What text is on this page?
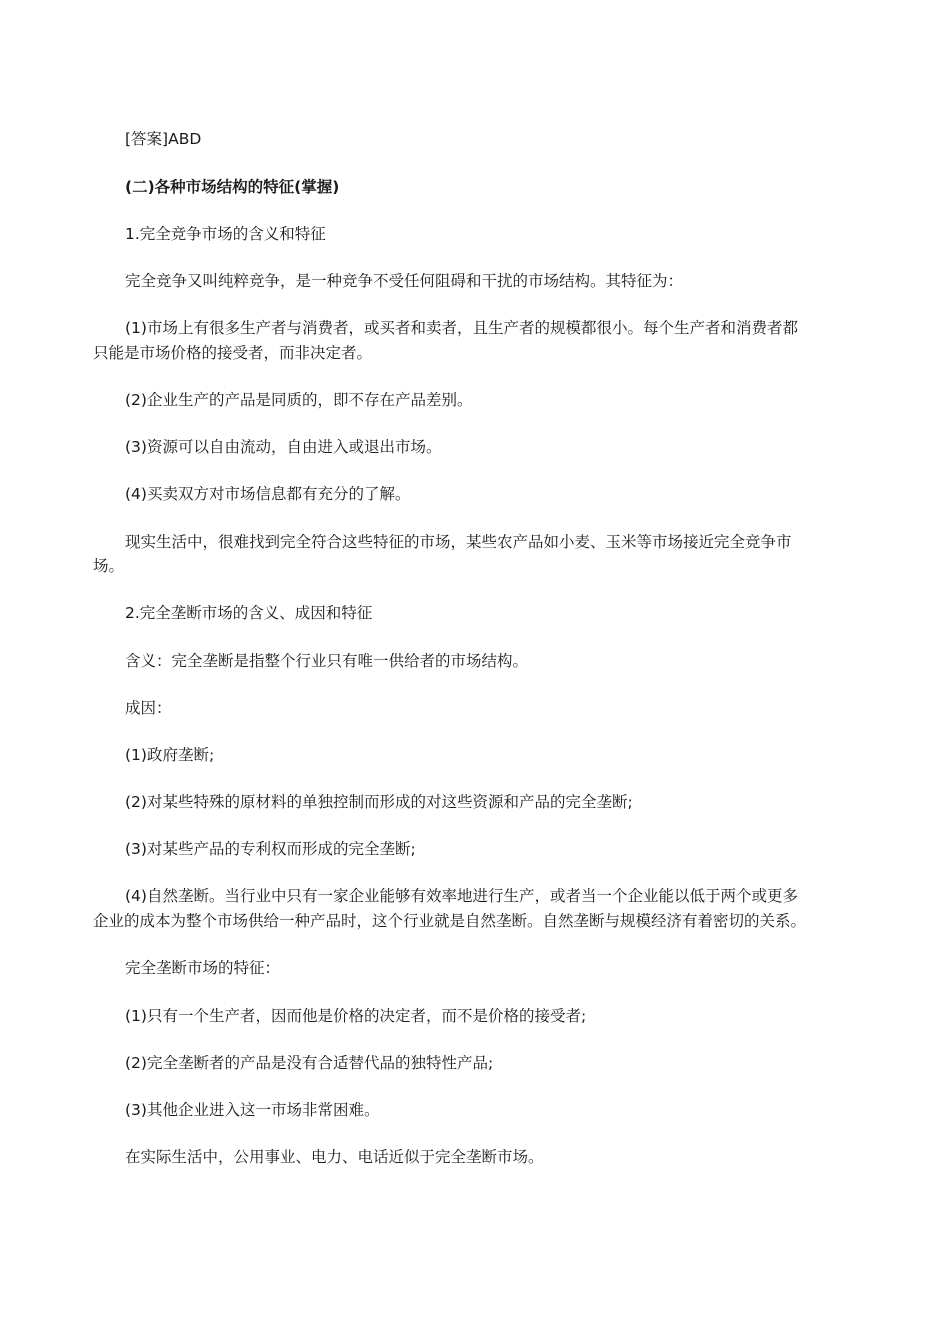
[答案]ABD
(二)各种市场结构的特征(掌握)
1.完全竞争市场的含义和特征
完全竞争又叫纯粹竞争，是一种竞争不受任何阻碍和干扰的市场结构。其特征为：
(1)市场上有很多生产者与消费者，或买者和卖者，且生产者的规模都很小。每个生产者和消费者都
只能是市场价格的接受者，而非决定者。
(2)企业生产的产品是同质的，即不存在产品差别。
(3)资源可以自由流动，自由进入或退出市场。
(4)买卖双方对市场信息都有充分的了解。
现实生活中，很难找到完全符合这些特征的市场，某些农产品如小麦、玉米等市场接近完全竞争市
场。
2.完全垄断市场的含义、成因和特征
含义：完全垄断是指整个行业只有唯一供给者的市场结构。
成因：
(1)政府垄断;
(2)对某些特殊的原材料的单独控制而形成的对这些资源和产品的完全垄断;
(3)对某些产品的专利权而形成的完全垄断;
(4)自然垄断。当行业中只有一家企业能够有效率地进行生产，或者当一个企业能以低于两个或更多
企业的成本为整个市场供给一种产品时，这个行业就是自然垄断。自然垄断与规模经济有着密切的关系。
完全垄断市场的特征：
(1)只有一个生产者，因而他是价格的决定者，而不是价格的接受者;
(2)完全垄断者的产品是没有合适替代品的独特性产品;
(3)其他企业进入这一市场非常困难。
在实际生活中，公用事业、电力、电话近似于完全垄断市场。
